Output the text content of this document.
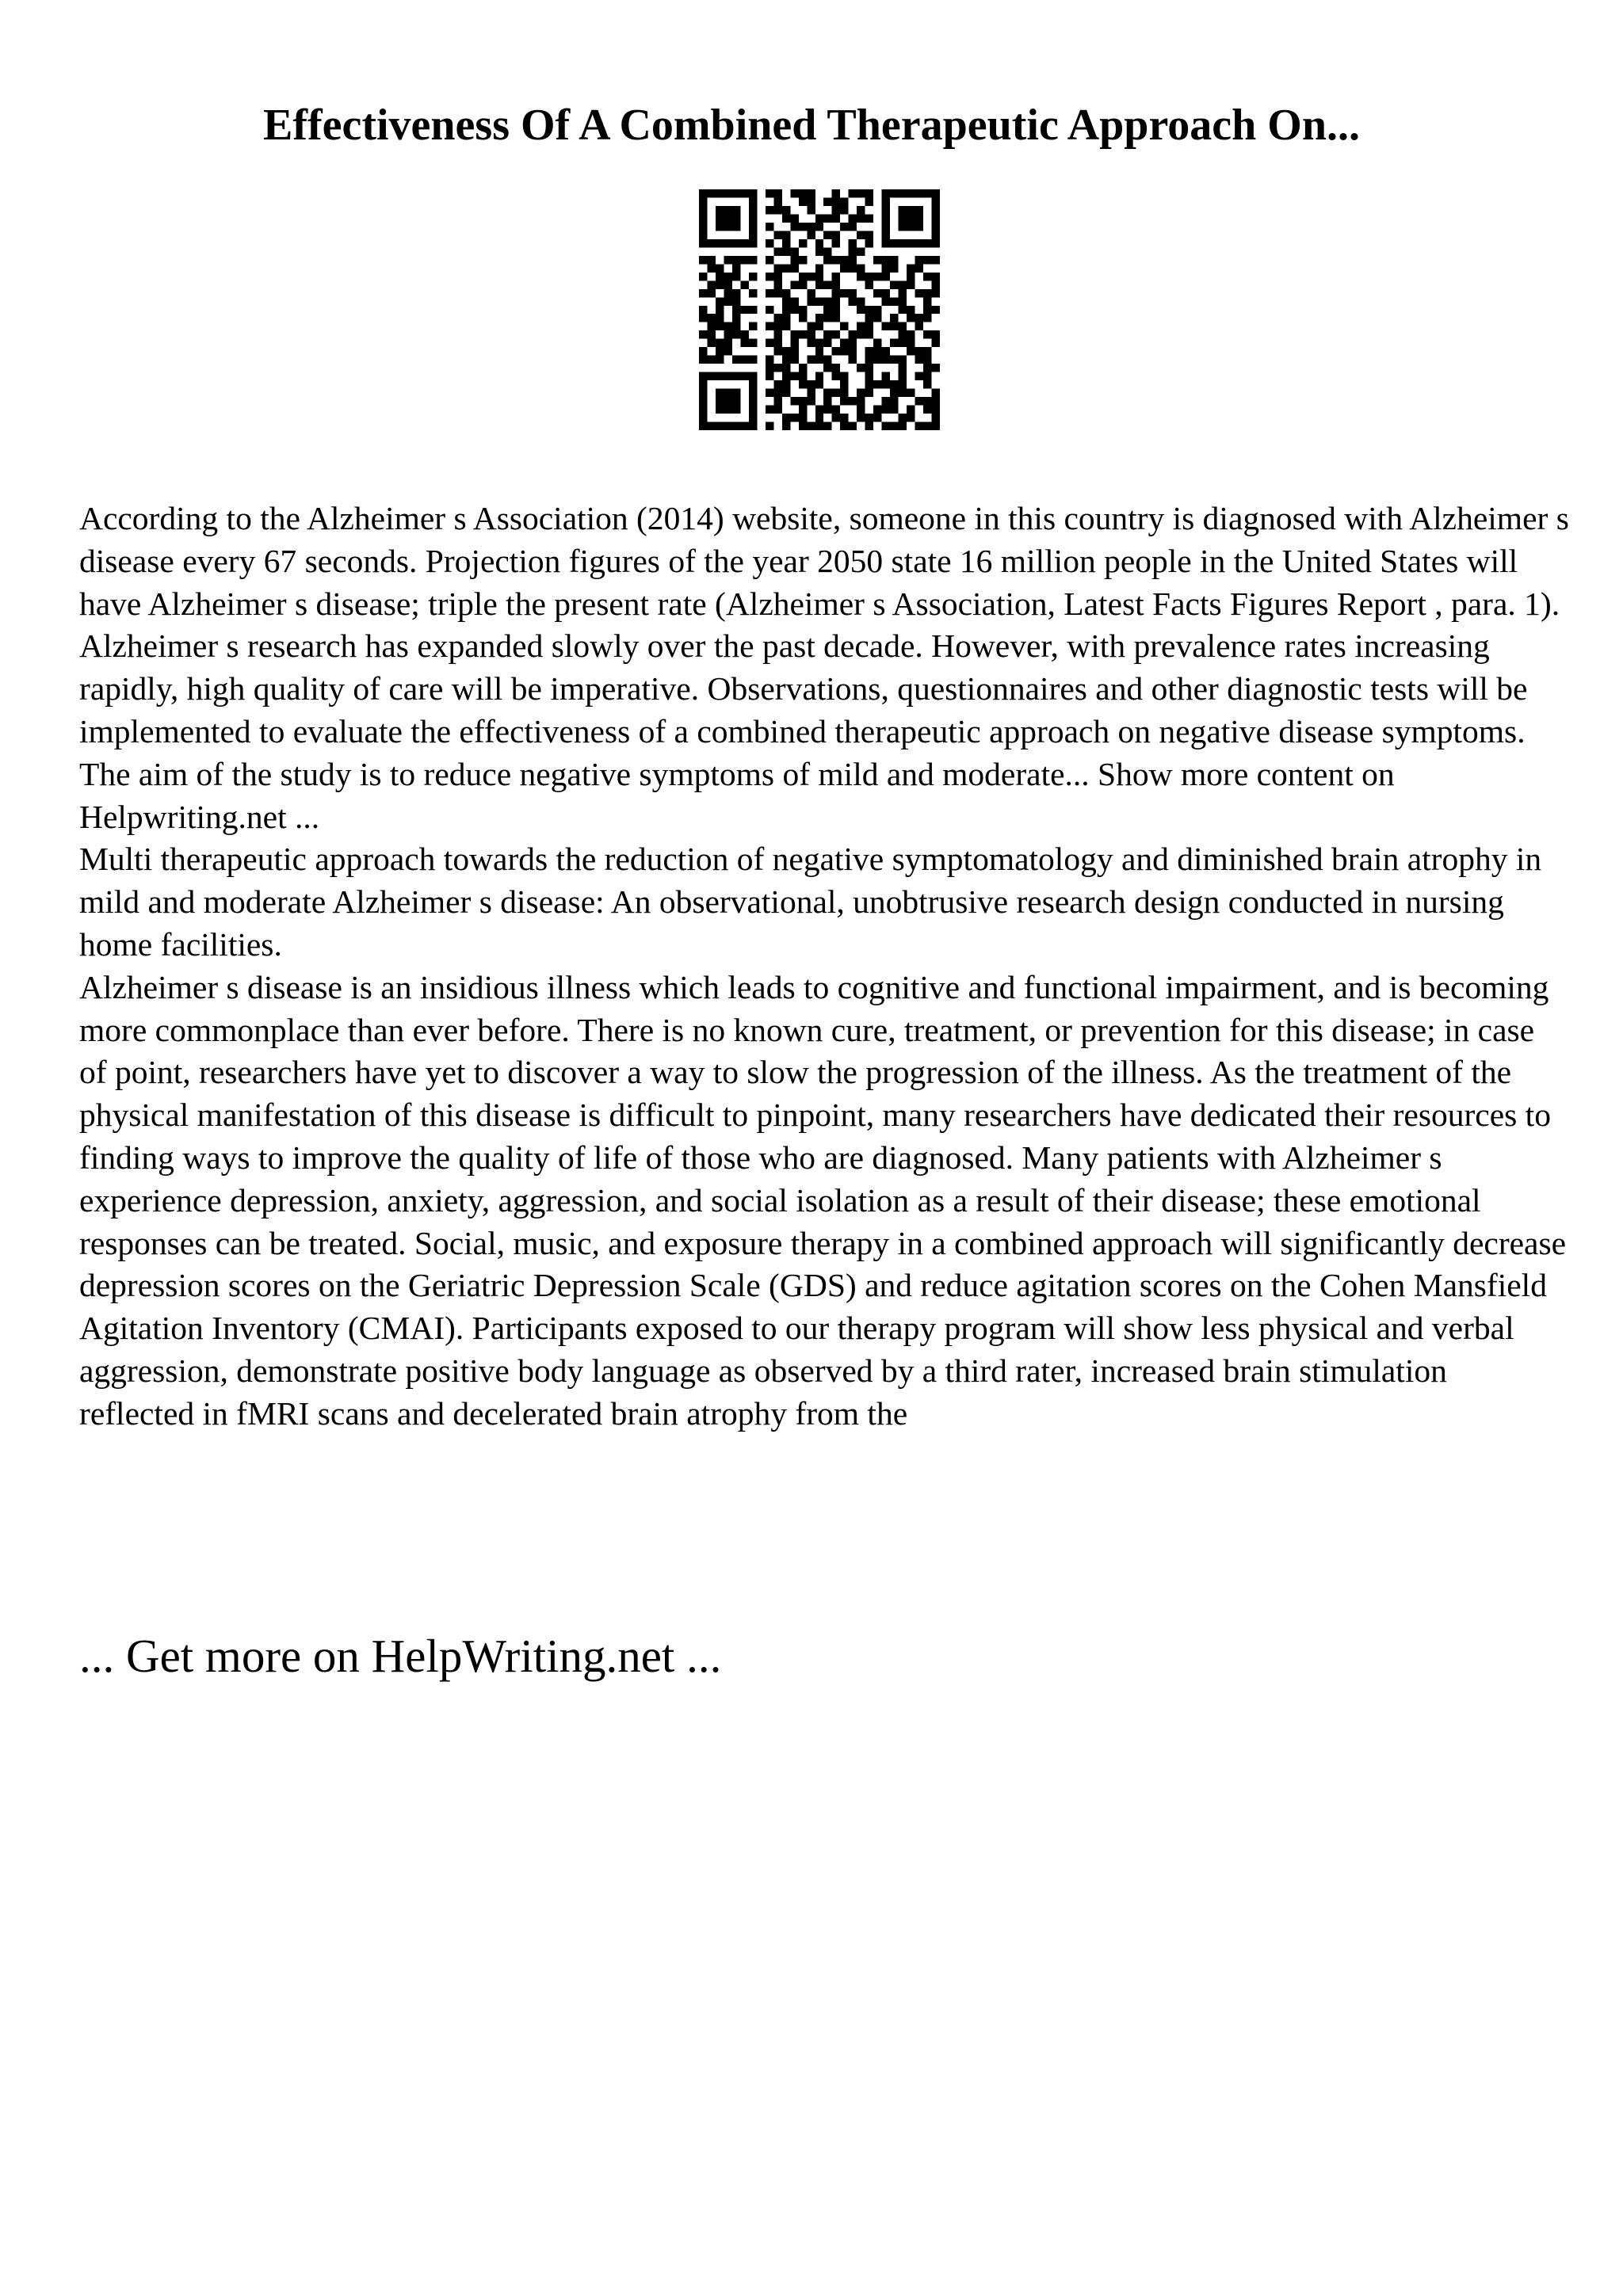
Effectiveness Of A Combined Therapeutic Approach On...

According to the Alzheimer s Association (2014) website, someone in this country is diagnosed with Alzheimer s disease every 67 seconds. Projection figures of the year 2050 state 16 million people in the United States will have Alzheimer s disease; triple the present rate (Alzheimer s Association, Latest Facts Figures Report , para. 1). Alzheimer s research has expanded slowly over the past decade. However, with prevalence rates increasing rapidly, high quality of care will be imperative. Observations, questionnaires and other diagnostic tests will be implemented to evaluate the effectiveness of a combined therapeutic approach on negative disease symptoms. The aim of the study is to reduce negative symptoms of mild and moderate... Show more content on Helpwriting.net ...

Multi therapeutic approach towards the reduction of negative symptomatology and diminished brain atrophy in mild and moderate Alzheimer s disease: An observational, unobtrusive research design conducted in nursing home facilities.

Alzheimer s disease is an insidious illness which leads to cognitive and functional impairment, and is becoming more commonplace than ever before. There is no known cure, treatment, or prevention for this disease; in case of point, researchers have yet to discover a way to slow the progression of the illness. As the treatment of the physical manifestation of this disease is difficult to pinpoint, many researchers have dedicated their resources to finding ways to improve the quality of life of those who are diagnosed. Many patients with Alzheimer s experience depression, anxiety, aggression, and social isolation as a result of their disease; these emotional responses can be treated. Social, music, and exposure therapy in a combined approach will significantly decrease depression scores on the Geriatric Depression Scale (GDS) and reduce agitation scores on the Cohen Mansfield Agitation Inventory (CMAI). Participants exposed to our therapy program will show less physical and verbal aggression, demonstrate positive body language as observed by a third rater, increased brain stimulation reflected in fMRI scans and decelerated brain atrophy from the

... Get more on HelpWriting.net ...
